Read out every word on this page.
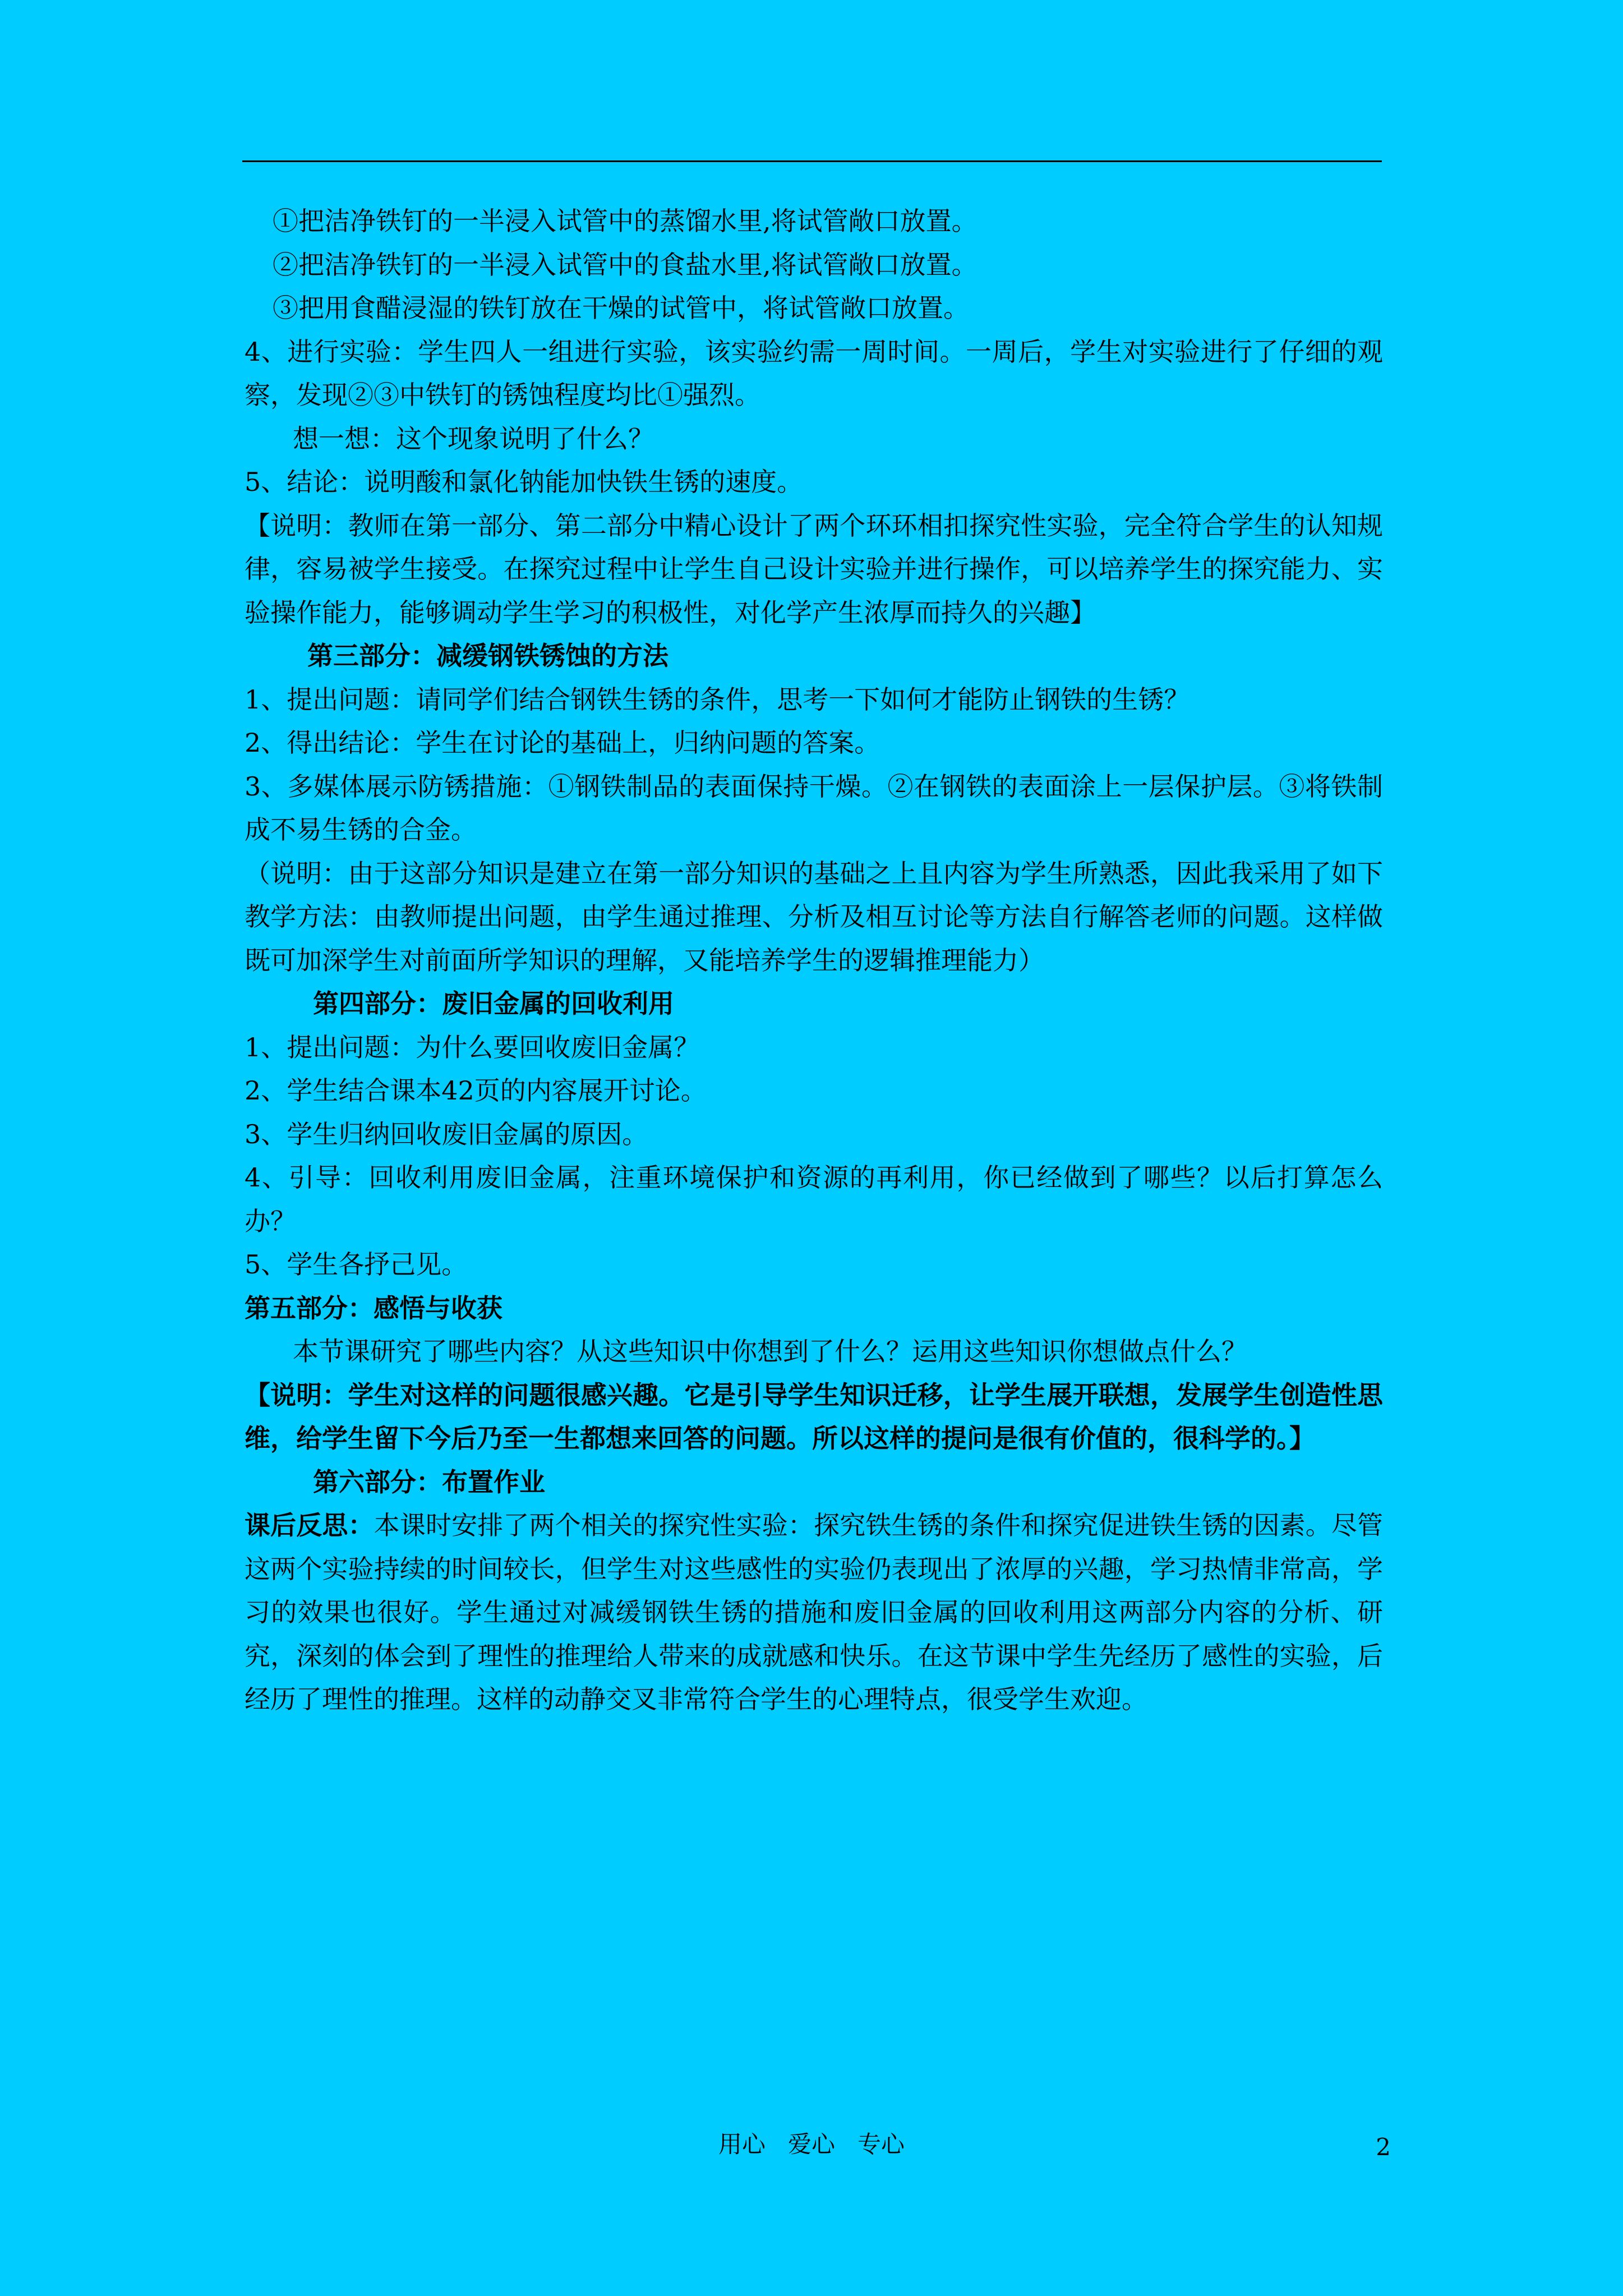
①把洁净铁钉的一半浸入试管中的蒸馏水里,将试管敞口放置。

②把洁净铁钉的一半浸入试管中的食盐水里,将试管敞口放置。

③把用食醋浸湿的铁钉放在干燥的试管中，将试管敞口放置。

4、进行实验：学生四人一组进行实验，该实验约需一周时间。一周后，学生对实验进行了仔细的观察，发现②③中铁钉的锈蚀程度均比①强烈。

想一想：这个现象说明了什么？

5、结论：说明酸和氯化钠能加快铁生锈的速度。

【说明：教师在第一部分、第二部分中精心设计了两个环环相扣探究性实验，完全符合学生的认知规律，容易被学生接受。在探究过程中让学生自己设计实验并进行操作，可以培养学生的探究能力、实验操作能力，能够调动学生学习的积极性，对化学产生浓厚而持久的兴趣】

第三部分：减缓钢铁锈蚀的方法

1、提出问题：请同学们结合钢铁生锈的条件，思考一下如何才能防止钢铁的生锈？

2、得出结论：学生在讨论的基础上，归纳问题的答案。

3、多媒体展示防锈措施：①钢铁制品的表面保持干燥。②在钢铁的表面涂上一层保护层。③将铁制成不易生锈的合金。

（说明：由于这部分知识是建立在第一部分知识的基础之上且内容为学生所熟悉，因此我采用了如下教学方法：由教师提出问题，由学生通过推理、分析及相互讨论等方法自行解答老师的问题。这样做既可加深学生对前面所学知识的理解，又能培养学生的逻辑推理能力）

第四部分：废旧金属的回收利用

1、提出问题：为什么要回收废旧金属？

2、学生结合课本42页的内容展开讨论。

3、学生归纳回收废旧金属的原因。

4、引导：回收利用废旧金属，注重环境保护和资源的再利用，你已经做到了哪些？以后打算怎么办？

5、学生各抒己见。

第五部分：感悟与收获

本节课研究了哪些内容？从这些知识中你想到了什么？运用这些知识你想做点什么？

【说明：学生对这样的问题很感兴趣。它是引导学生知识迁移，让学生展开联想，发展学生创造性思维，给学生留下今后乃至一生都想来回答的问题。所以这样的提问是很有价值的，很科学的。】

第六部分：布置作业

课后反思：本课时安排了两个相关的探究性实验：探究铁生锈的条件和探究促进铁生锈的因素。尽管这两个实验持续的时间较长，但学生对这些感性的实验仍表现出了浓厚的兴趣，学习热情非常高，学习的效果也很好。学生通过对减缓钢铁生锈的措施和废旧金属的回收利用这两部分内容的分析、研究，深刻的体会到了理性的推理给人带来的成就感和快乐。在这节课中学生先经历了感性的实验，后经历了理性的推理。这样的动静交叉非常符合学生的心理特点，很受学生欢迎。

用心   爱心   专心	2
